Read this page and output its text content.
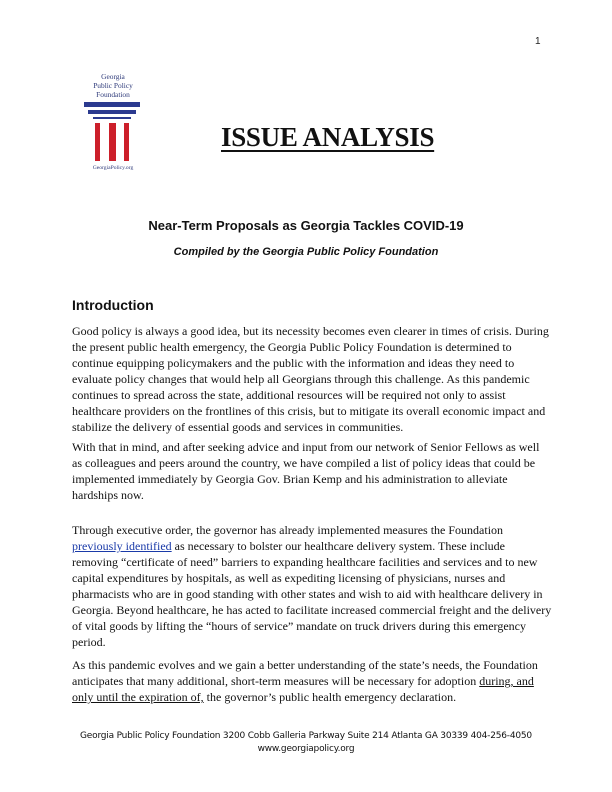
1
Georgia
Public Policy
Foundation
GeorgiaPolicy.org
ISSUE ANALYSIS
Near-Term Proposals as Georgia Tackles COVID-19
Compiled by the Georgia Public Policy Foundation
Introduction

Good policy is always a good idea, but its necessity becomes even clearer in times of crisis. During the present public health emergency, the Georgia Public Policy Foundation is determined to continue equipping policymakers and the public with the information and ideas they need to evaluate policy changes that would help all Georgians through this challenge. As this pandemic continues to spread across the state, additional resources will be required not only to assist healthcare providers on the frontlines of this crisis, but to mitigate its overall economic impact and stabilize the delivery of essential goods and services in communities.

With that in mind, and after seeking advice and input from our network of Senior Fellows as well as colleagues and peers around the country, we have compiled a list of policy ideas that could be implemented immediately by Georgia Gov. Brian Kemp and his administration to alleviate hardships now.

Through executive order, the governor has already implemented measures the Foundation previously identified as necessary to bolster our healthcare delivery system. These include removing “certificate of need” barriers to expanding healthcare facilities and services and to new capital expenditures by hospitals, as well as expediting licensing of physicians, nurses and pharmacists who are in good standing with other states and wish to aid with healthcare delivery in Georgia. Beyond healthcare, he has acted to facilitate increased commercial freight and the delivery of vital goods by lifting the “hours of service” mandate on truck drivers during this emergency period.

As this pandemic evolves and we gain a better understanding of the state’s needs, the Foundation anticipates that many additional, short-term measures will be necessary for adoption during, and only until the expiration of, the governor’s public health emergency declaration.

Georgia Public Policy Foundation 3200 Cobb Galleria Parkway Suite 214 Atlanta GA 30339 404-256-4050
www.georgiapolicy.org
